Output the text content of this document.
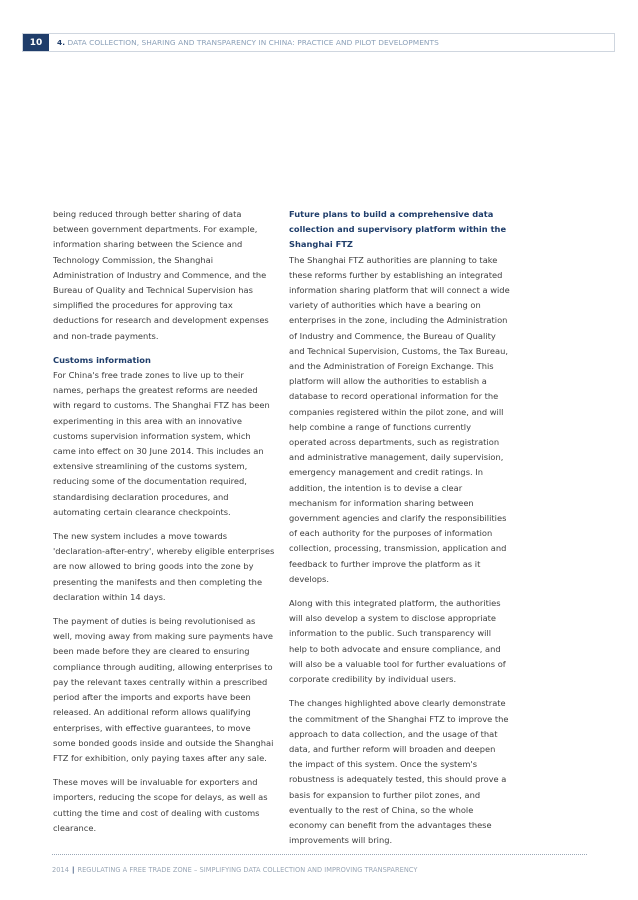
10	4. DATA COLLECTION, SHARING AND TRANSPARENCY IN CHINA: PRACTICE AND PILOT DEVELOPMENTS

being reduced through better sharing of data between government departments. For example, information sharing between the Science and Technology Commission, the Shanghai Administration of Industry and Commence, and the Bureau of Quality and Technical Supervision has simplified the procedures for approving tax deductions for research and development expenses and non-trade payments.

Customs information

For China's free trade zones to live up to their names, perhaps the greatest reforms are needed with regard to customs. The Shanghai FTZ has been experimenting in this area with an innovative customs supervision information system, which came into effect on 30 June 2014. This includes an extensive streamlining of the customs system, reducing some of the documentation required, standardising declaration procedures, and automating certain clearance checkpoints.

The new system includes a move towards 'declaration-after-entry', whereby eligible enterprises are now allowed to bring goods into the zone by presenting the manifests and then completing the declaration within 14 days.

The payment of duties is being revolutionised as well, moving away from making sure payments have been made before they are cleared to ensuring compliance through auditing, allowing enterprises to pay the relevant taxes centrally within a prescribed period after the imports and exports have been released. An additional reform allows qualifying enterprises, with effective guarantees, to move some bonded goods inside and outside the Shanghai FTZ for exhibition, only paying taxes after any sale.

These moves will be invaluable for exporters and importers, reducing the scope for delays, as well as cutting the time and cost of dealing with customs clearance.

Future plans to build a comprehensive data collection and supervisory platform within the Shanghai FTZ

The Shanghai FTZ authorities are planning to take these reforms further by establishing an integrated information sharing platform that will connect a wide variety of authorities which have a bearing on enterprises in the zone, including the Administration of Industry and Commence, the Bureau of Quality and Technical Supervision, Customs, the Tax Bureau, and the Administration of Foreign Exchange. This platform will allow the authorities to establish a database to record operational information for the companies registered within the pilot zone, and will help combine a range of functions currently operated across departments, such as registration and administrative management, daily supervision, emergency management and credit ratings. In addition, the intention is to devise a clear mechanism for information sharing between government agencies and clarify the responsibilities of each authority for the purposes of information collection, processing, transmission, application and feedback to further improve the platform as it develops.

Along with this integrated platform, the authorities will also develop a system to disclose appropriate information to the public. Such transparency will help to both advocate and ensure compliance, and will also be a valuable tool for further evaluations of corporate credibility by individual users.

The changes highlighted above clearly demonstrate the commitment of the Shanghai FTZ to improve the approach to data collection, and the usage of that data, and further reform will broaden and deepen the impact of this system. Once the system's robustness is adequately tested, this should prove a basis for expansion to further pilot zones, and eventually to the rest of China, so the whole economy can benefit from the advantages these improvements will bring.

2014 | REGULATING A FREE TRADE ZONE – SIMPLIFYING DATA COLLECTION AND IMPROVING TRANSPARENCY
